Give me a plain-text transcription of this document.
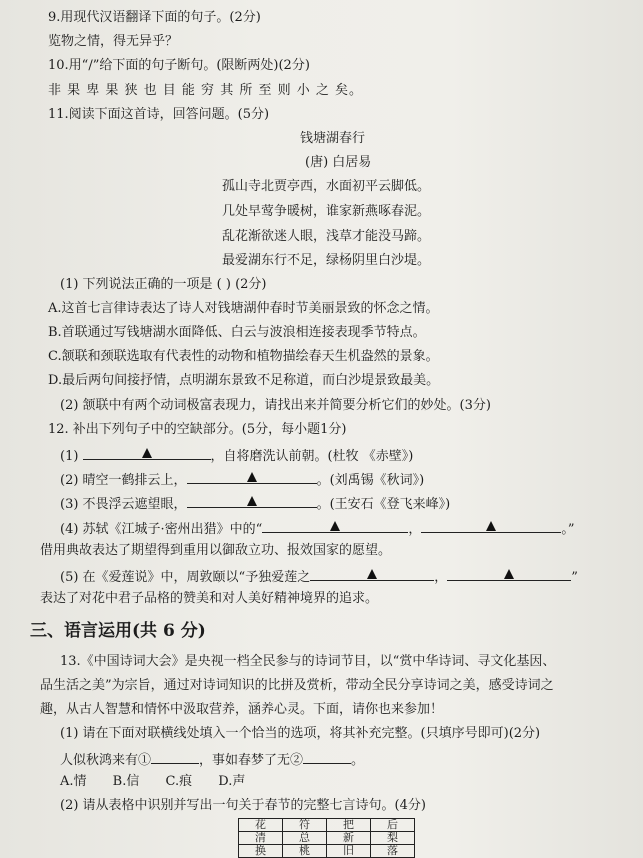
9.用现代汉语翻译下面的句子。(2分)
览物之情，得无异乎？
10.用“/”给下面的句子断句。(限断两处)(2分)
非 果 卑 果 狭 也 目 能 穷 其 所 至 则 小 之 矣。
11.阅读下面这首诗，回答问题。(5分)
钱塘湖春行
(唐) 白居易
孤山寺北贾亭西，水面初平云脚低。
几处早莺争暖树，谁家新燕啄春泥。
乱花渐欲迷人眼，浅草才能没马蹄。
最爱湖东行不足，绿杨阴里白沙堤。
(1) 下列说法正确的一项是 ( ) (2分)
A.这首七言律诗表达了诗人对钱塘湖仲春时节美丽景致的怀念之情。
B.首联通过写钱塘湖水面降低、白云与波浪相连接表现季节特点。
C.颔联和颈联选取有代表性的动物和植物描绘春天生机盎然的景象。
D.最后两句间接抒情，点明湖东景致不足称道，而白沙堤景致最美。
(2) 颔联中有两个动词极富表现力，请找出来并简要分析它们的妙处。(3分)
12. 补出下列句子中的空缺部分。(5分，每小题1分)
(1)	，自将磨洗认前朝。(杜牧 《赤壁》)
(2) 晴空一鹤排云上，	。(刘禹锡《秋词》)
(3) 不畏浮云遮望眼，	。(王安石《登飞来峰》)
(4) 苏轼《江城子·密州出猎》中的“	，	。”
借用典故表达了期望得到重用以御敌立功、报效国家的愿望。
(5) 在《爱莲说》中，周敦颐以“予独爱莲之	，	”
表达了对花中君子品格的赞美和对人美好精神境界的追求。
三、语言运用(共 6 分)
13.《中国诗词大会》是央视一档全民参与的诗词节目，以“赏中华诗词、寻文化基因、
品生活之美”为宗旨，通过对诗词知识的比拼及赏析，带动全民分享诗词之美，感受诗词之
趣，从古人智慧和情怀中汲取营养，涵养心灵。下面，请你也来参加！
(1) 请在下面对联横线处填入一个恰当的选项，将其补充完整。(只填序号即可)(2分)
人似秋鸿来有①	，事如春梦了无②	。
A.情 B.信 C.痕 D.声
(2) 请从表格中识别并写出一句关于春节的完整七言诗句。(4分)
花	符	把	后
清	总	新	梨
换	桃	旧	落
